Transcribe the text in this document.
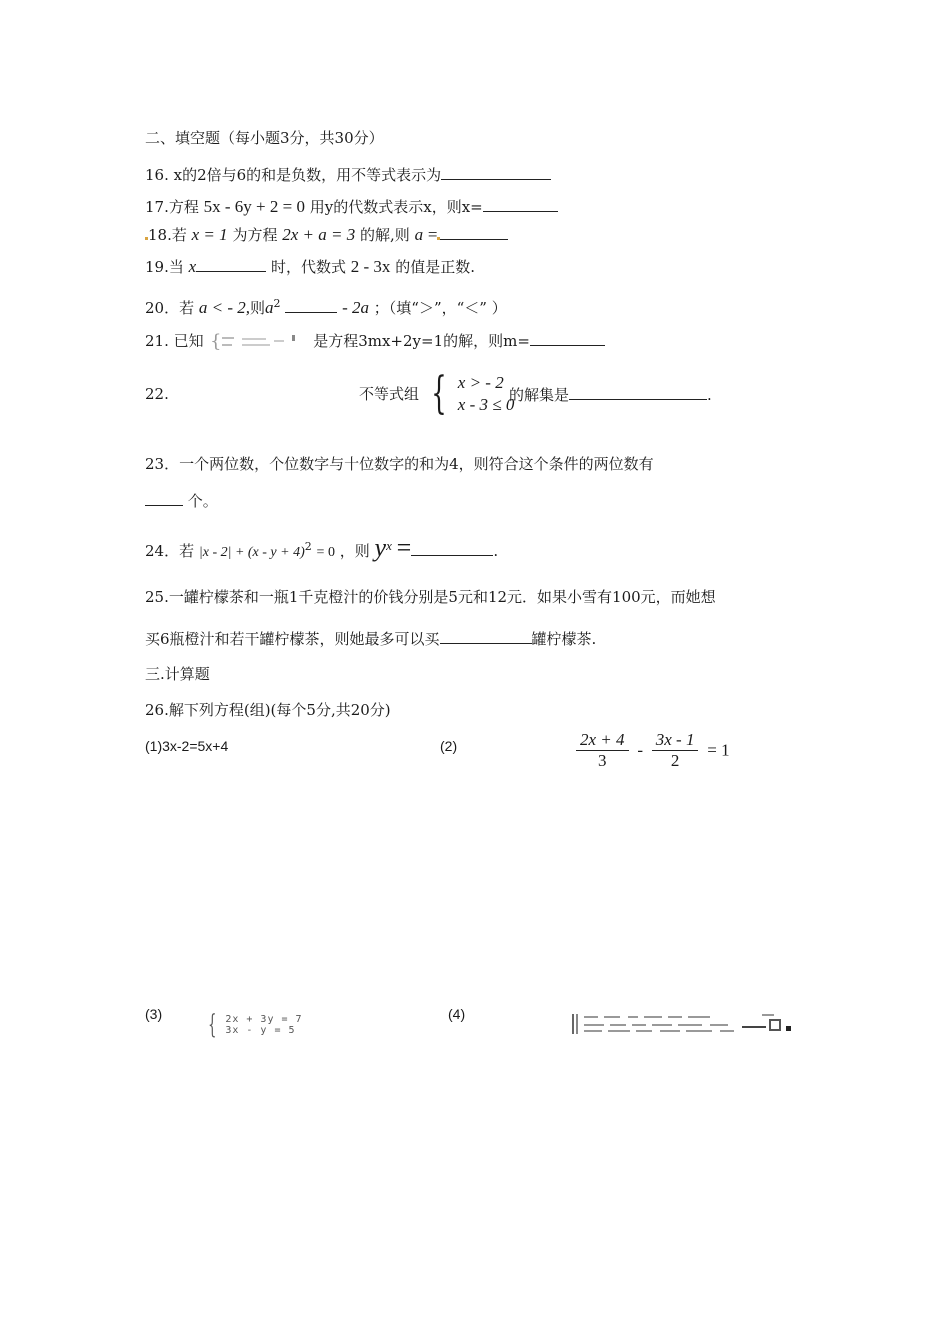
二、填空题（每小题3分，共30分）
16. x的2倍与6的和是负数，用不等式表示为
17.方程 5x - 6y + 2 = 0 用y的代数式表示x，则x=
18.若 x = 1 为方程 2x + a = 3 的解,则 a =
19.当 x	时，代数式 2 - 3x 的值是正数.
20．若 a < - 2,则$a^2$	- 2a ；（填“＞”，“＜” ）
21. 已知 {	是方程3mx+2y=1的解，则m=
22.	不等式组 { x > - 2
x - 3 ≤ 0
的解集是	.
23．一个两位数，个位数字与十位数字的和为4，则符合这个条件的两位数有
个。
24．若 $|x - 2| + (x - y + 4)^2 = 0$ ，则 $y^x$ =	.
25.一罐柠檬茶和一瓶1千克橙汁的价钱分别是5元和12元．如果小雪有100元，而她想
买6瓶橙汁和若干罐柠檬茶，则她最多可以买	罐柠檬茶.
三.计算题
26.解下列方程(组)(每个5分,共20分)
(1)3x-2=5x+4	(2)	$\frac{2x + 4}{3} - \frac{3x - 1}{2} = 1$
(3) { 2x + 3y = 7
3x - y = 5
(4)
